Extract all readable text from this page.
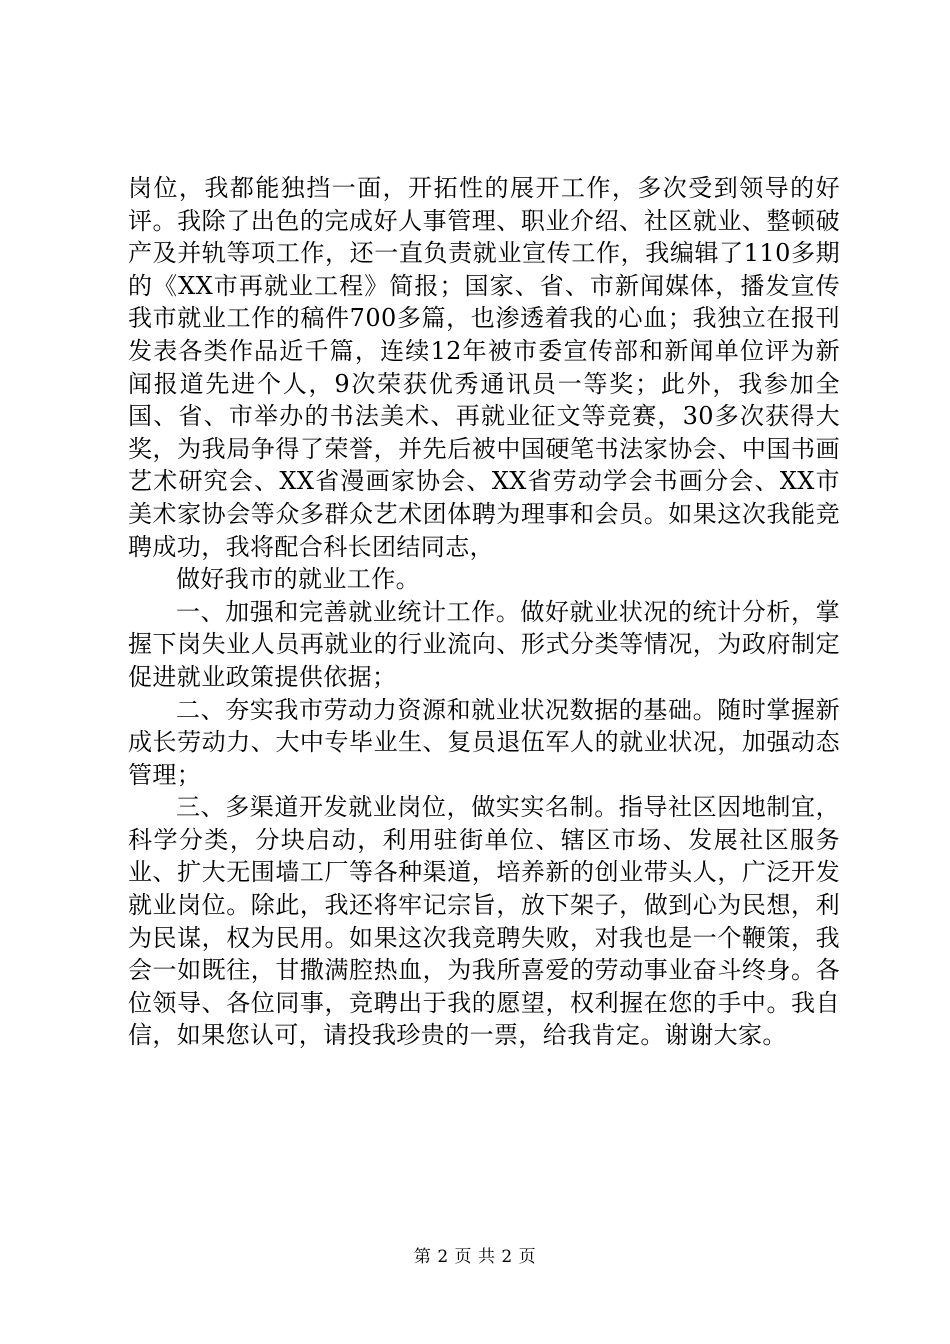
岗位，我都能独挡一面，开拓性的展开工作，多次受到领导的好评。我除了出色的完成好人事管理、职业介绍、社区就业、整顿破产及并轨等项工作，还一直负责就业宣传工作，我编辑了110多期的《XX市再就业工程》简报；国家、省、市新闻媒体，播发宣传我市就业工作的稿件700多篇，也渗透着我的心血；我独立在报刊发表各类作品近千篇，连续12年被市委宣传部和新闻单位评为新闻报道先进个人，9次荣获优秀通讯员一等奖；此外，我参加全国、省、市举办的书法美术、再就业征文等竞赛，30多次获得大奖，为我局争得了荣誉，并先后被中国硬笔书法家协会、中国书画艺术研究会、XX省漫画家协会、XX省劳动学会书画分会、XX市美术家协会等众多群众艺术团体聘为理事和会员。如果这次我能竞聘成功，我将配合科长团结同志，

做好我市的就业工作。

一、加强和完善就业统计工作。做好就业状况的统计分析，掌握下岗失业人员再就业的行业流向、形式分类等情况，为政府制定促进就业政策提供依据；

二、夯实我市劳动力资源和就业状况数据的基础。随时掌握新成长劳动力、大中专毕业生、复员退伍军人的就业状况，加强动态管理；

三、多渠道开发就业岗位，做实实名制。指导社区因地制宜，科学分类，分块启动，利用驻街单位、辖区市场、发展社区服务业、扩大无围墙工厂等各种渠道，培养新的创业带头人，广泛开发就业岗位。除此，我还将牢记宗旨，放下架子，做到心为民想，利为民谋，权为民用。如果这次我竞聘失败，对我也是一个鞭策，我会一如既往，甘撒满腔热血，为我所喜爱的劳动事业奋斗终身。各位领导、各位同事，竞聘出于我的愿望，权利握在您的手中。我自信，如果您认可，请投我珍贵的一票，给我肯定。谢谢大家。

第 2 页 共 2 页
